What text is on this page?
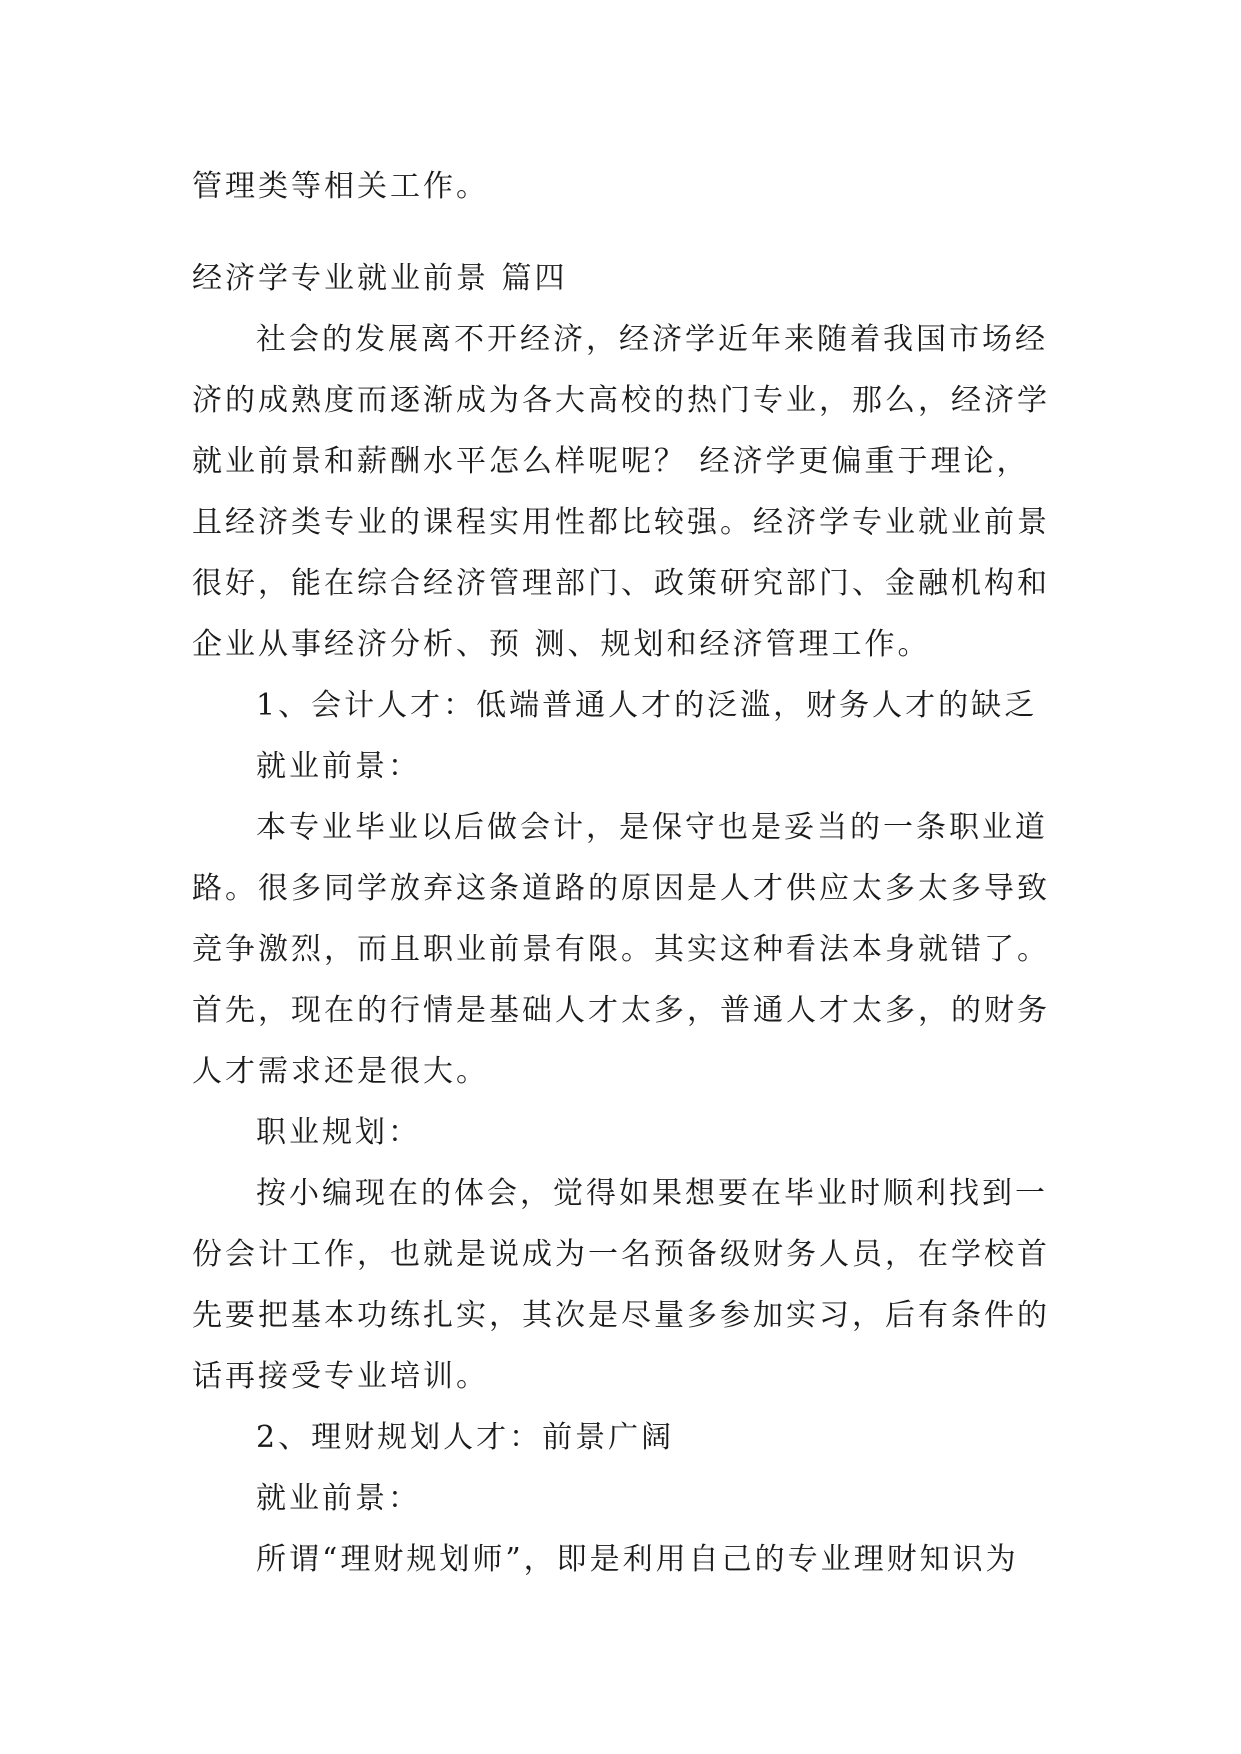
管理类等相关工作。

经济学专业就业前景 篇四

社会的发展离不开经济，经济学近年来随着我国市场经

济的成熟度而逐渐成为各大高校的热门专业，那么，经济学

就业前景和薪酬水平怎么样呢呢？ 经济学更偏重于理论，

且经济类专业的课程实用性都比较强。经济学专业就业前景

很好，能在综合经济管理部门、政策研究部门、金融机构和

企业从事经济分析、预 测、规划和经济管理工作。

1、会计人才：低端普通人才的泛滥，财务人才的缺乏

就业前景：

本专业毕业以后做会计，是保守也是妥当的一条职业道

路。很多同学放弃这条道路的原因是人才供应太多太多导致

竞争激烈，而且职业前景有限。其实这种看法本身就错了。

首先，现在的行情是基础人才太多，普通人才太多，的财务

人才需求还是很大。

职业规划：

按小编现在的体会，觉得如果想要在毕业时顺利找到一

份会计工作，也就是说成为一名预备级财务人员，在学校首

先要把基本功练扎实，其次是尽量多参加实习，后有条件的

话再接受专业培训。

2、理财规划人才：前景广阔

就业前景：

所谓“理财规划师”，即是利用自己的专业理财知识为
